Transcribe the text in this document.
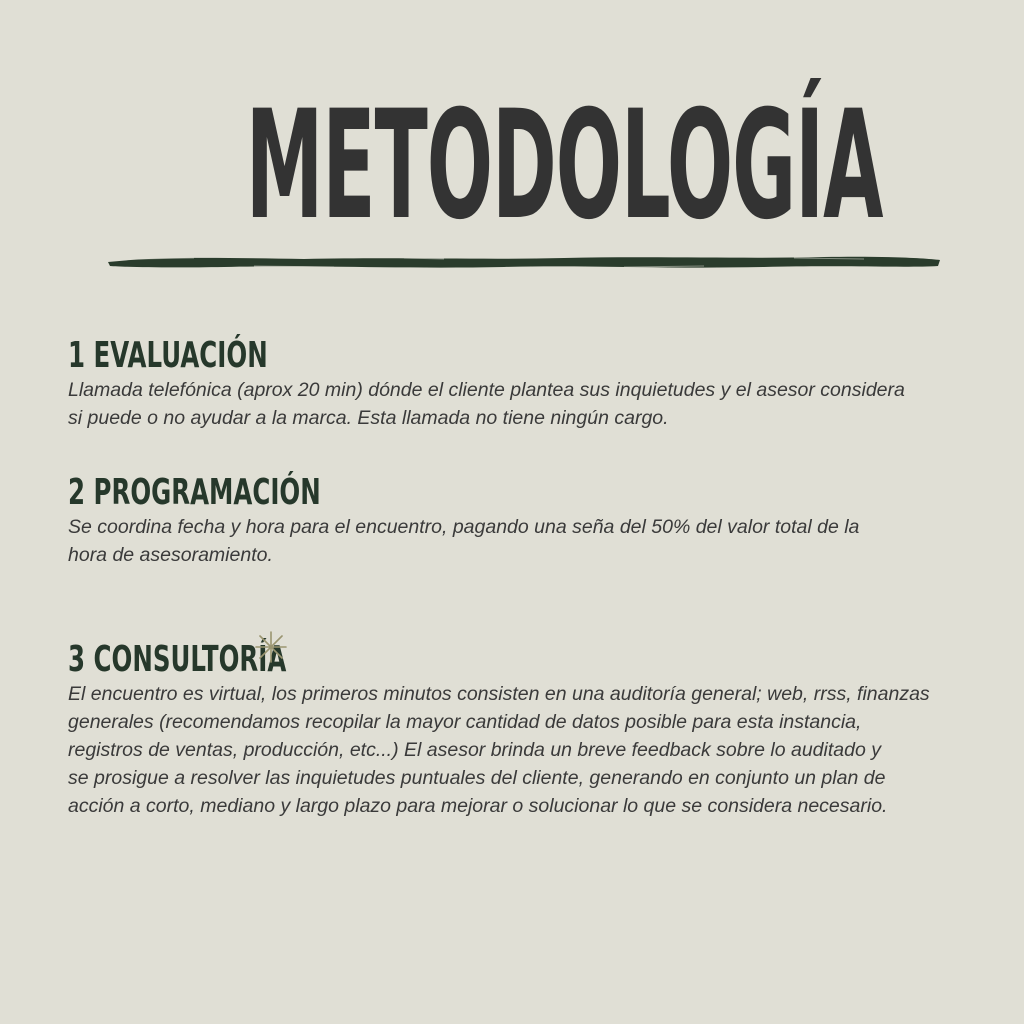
METODOLOGÍA
1 EVALUACIÓN

Llamada telefónica (aprox 20 min) dónde el cliente plantea sus inquietudes y el asesor considera
si puede o no ayudar a la marca. Esta llamada no tiene ningún cargo.

2 PROGRAMACIÓN

Se coordina fecha y hora para el encuentro, pagando una seña del 50% del valor total de la
hora de asesoramiento.

3 CONSULTORÍA

El encuentro es virtual, los primeros minutos consisten en una auditoría general; web, rrss, finanzas
generales (recomendamos recopilar la mayor cantidad de datos posible para esta instancia,
registros de ventas, producción, etc...) El asesor brinda un breve feedback sobre lo auditado y
se prosigue a resolver las inquietudes puntuales del cliente, generando en conjunto un plan de
acción a corto, mediano y largo plazo para mejorar o solucionar lo que se considera necesario.
